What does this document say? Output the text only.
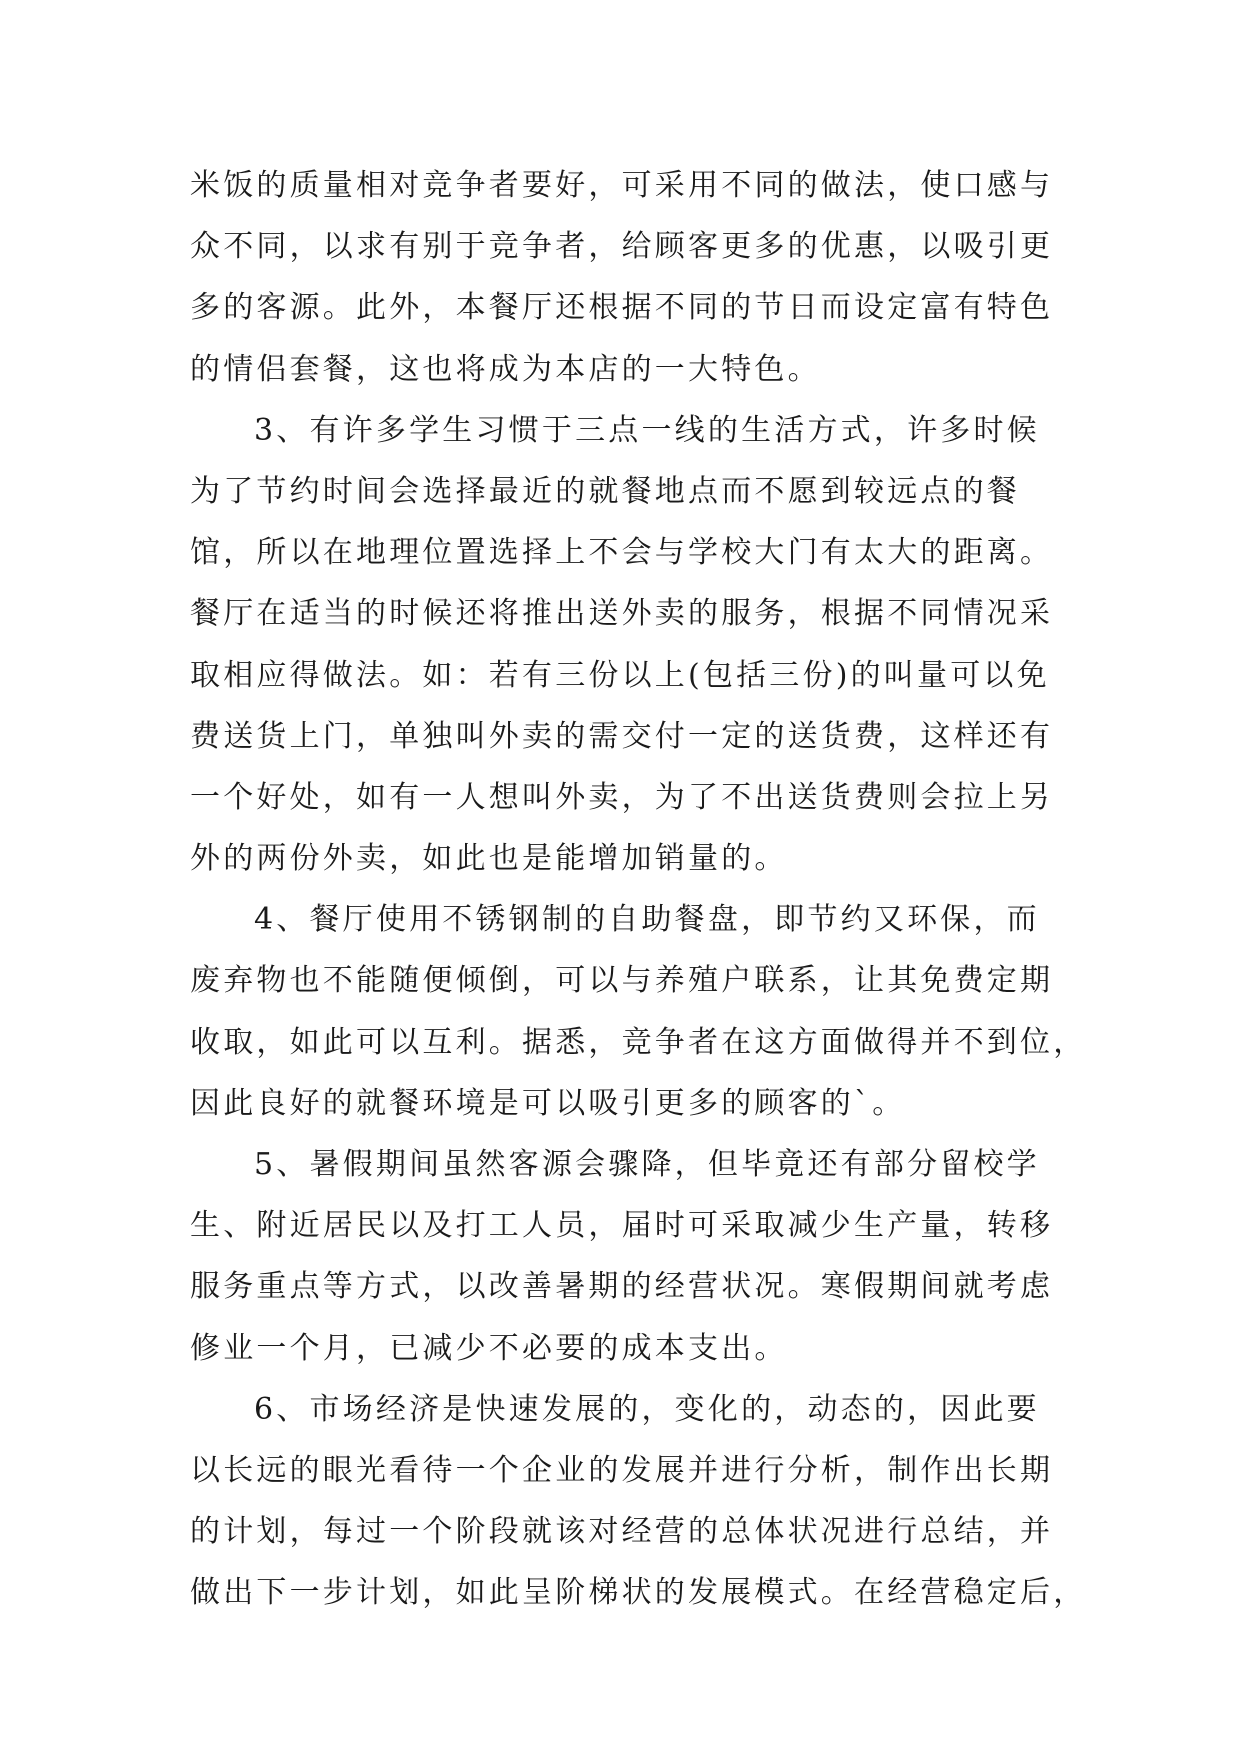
米饭的质量相对竞争者要好，可采用不同的做法，使口感与

众不同，以求有别于竞争者，给顾客更多的优惠，以吸引更

多的客源。此外，本餐厅还根据不同的节日而设定富有特色

的情侣套餐，这也将成为本店的一大特色。

3、有许多学生习惯于三点一线的生活方式，许多时候

为了节约时间会选择最近的就餐地点而不愿到较远点的餐

馆，所以在地理位置选择上不会与学校大门有太大的距离。

餐厅在适当的时候还将推出送外卖的服务，根据不同情况采

取相应得做法。如：若有三份以上(包括三份)的叫量可以免

费送货上门，单独叫外卖的需交付一定的送货费，这样还有

一个好处，如有一人想叫外卖，为了不出送货费则会拉上另

外的两份外卖，如此也是能增加销量的。

4、餐厅使用不锈钢制的自助餐盘，即节约又环保，而

废弃物也不能随便倾倒，可以与养殖户联系，让其免费定期

收取，如此可以互利。据悉，竞争者在这方面做得并不到位，

因此良好的就餐环境是可以吸引更多的顾客的`。

5、暑假期间虽然客源会骤降，但毕竟还有部分留校学

生、附近居民以及打工人员，届时可采取减少生产量，转移

服务重点等方式，以改善暑期的经营状况。寒假期间就考虑

修业一个月，已减少不必要的成本支出。

6、市场经济是快速发展的，变化的，动态的，因此要

以长远的眼光看待一个企业的发展并进行分析，制作出长期

的计划，每过一个阶段就该对经营的总体状况进行总结，并

做出下一步计划，如此呈阶梯状的发展模式。在经营稳定后，
